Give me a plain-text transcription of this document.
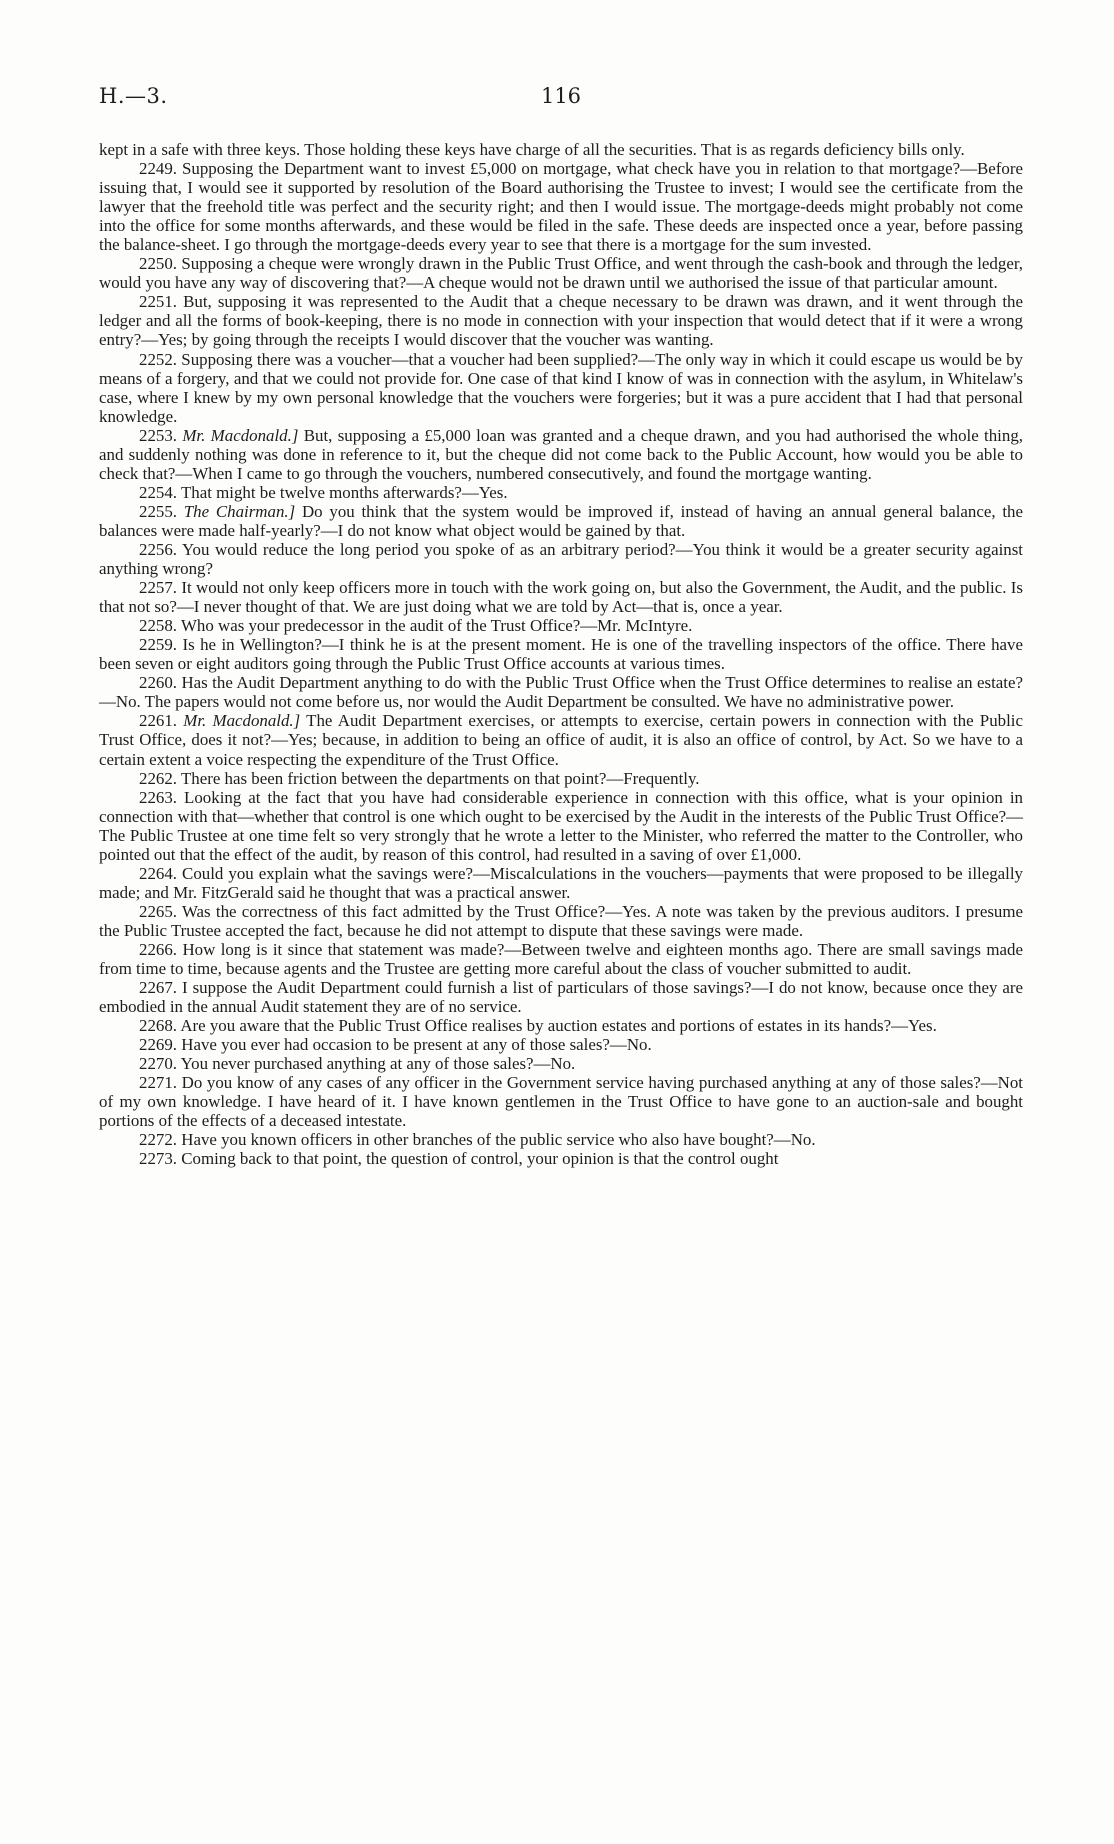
H.—3.	116

kept in a safe with three keys. Those holding these keys have charge of all the securities. That is as regards deficiency bills only.

2249. Supposing the Department want to invest £5,000 on mortgage, what check have you in relation to that mortgage?—Before issuing that, I would see it supported by resolution of the Board authorising the Trustee to invest; I would see the certificate from the lawyer that the freehold title was perfect and the security right; and then I would issue. The mortgage-deeds might probably not come into the office for some months afterwards, and these would be filed in the safe. These deeds are inspected once a year, before passing the balance-sheet. I go through the mortgage-deeds every year to see that there is a mortgage for the sum invested.

2250. Supposing a cheque were wrongly drawn in the Public Trust Office, and went through the cash-book and through the ledger, would you have any way of discovering that?—A cheque would not be drawn until we authorised the issue of that particular amount.

2251. But, supposing it was represented to the Audit that a cheque necessary to be drawn was drawn, and it went through the ledger and all the forms of book-keeping, there is no mode in connection with your inspection that would detect that if it were a wrong entry?—Yes; by going through the receipts I would discover that the voucher was wanting.

2252. Supposing there was a voucher—that a voucher had been supplied?—The only way in which it could escape us would be by means of a forgery, and that we could not provide for. One case of that kind I know of was in connection with the asylum, in Whitelaw's case, where I knew by my own personal knowledge that the vouchers were forgeries; but it was a pure accident that I had that personal knowledge.

2253. Mr. Macdonald.] But, supposing a £5,000 loan was granted and a cheque drawn, and you had authorised the whole thing, and suddenly nothing was done in reference to it, but the cheque did not come back to the Public Account, how would you be able to check that?—When I came to go through the vouchers, numbered consecutively, and found the mortgage wanting.

2254. That might be twelve months afterwards?—Yes.

2255. The Chairman.] Do you think that the system would be improved if, instead of having an annual general balance, the balances were made half-yearly?—I do not know what object would be gained by that.

2256. You would reduce the long period you spoke of as an arbitrary period?—You think it would be a greater security against anything wrong?

2257. It would not only keep officers more in touch with the work going on, but also the Government, the Audit, and the public. Is that not so?—I never thought of that. We are just doing what we are told by Act—that is, once a year.

2258. Who was your predecessor in the audit of the Trust Office?—Mr. McIntyre.

2259. Is he in Wellington?—I think he is at the present moment. He is one of the travelling inspectors of the office. There have been seven or eight auditors going through the Public Trust Office accounts at various times.

2260. Has the Audit Department anything to do with the Public Trust Office when the Trust Office determines to realise an estate?—No. The papers would not come before us, nor would the Audit Department be consulted. We have no administrative power.

2261. Mr. Macdonald.] The Audit Department exercises, or attempts to exercise, certain powers in connection with the Public Trust Office, does it not?—Yes; because, in addition to being an office of audit, it is also an office of control, by Act. So we have to a certain extent a voice respecting the expenditure of the Trust Office.

2262. There has been friction between the departments on that point?—Frequently.

2263. Looking at the fact that you have had considerable experience in connection with this office, what is your opinion in connection with that—whether that control is one which ought to be exercised by the Audit in the interests of the Public Trust Office?—The Public Trustee at one time felt so very strongly that he wrote a letter to the Minister, who referred the matter to the Controller, who pointed out that the effect of the audit, by reason of this control, had resulted in a saving of over £1,000.

2264. Could you explain what the savings were?—Miscalculations in the vouchers—payments that were proposed to be illegally made; and Mr. FitzGerald said he thought that was a practical answer.

2265. Was the correctness of this fact admitted by the Trust Office?—Yes. A note was taken by the previous auditors. I presume the Public Trustee accepted the fact, because he did not attempt to dispute that these savings were made.

2266. How long is it since that statement was made?—Between twelve and eighteen months ago. There are small savings made from time to time, because agents and the Trustee are getting more careful about the class of voucher submitted to audit.

2267. I suppose the Audit Department could furnish a list of particulars of those savings?—I do not know, because once they are embodied in the annual Audit statement they are of no service.

2268. Are you aware that the Public Trust Office realises by auction estates and portions of estates in its hands?—Yes.

2269. Have you ever had occasion to be present at any of those sales?—No.

2270. You never purchased anything at any of those sales?—No.

2271. Do you know of any cases of any officer in the Government service having purchased anything at any of those sales?—Not of my own knowledge. I have heard of it. I have known gentlemen in the Trust Office to have gone to an auction-sale and bought portions of the effects of a deceased intestate.

2272. Have you known officers in other branches of the public service who also have bought?—No.

2273. Coming back to that point, the question of control, your opinion is that the control ought
